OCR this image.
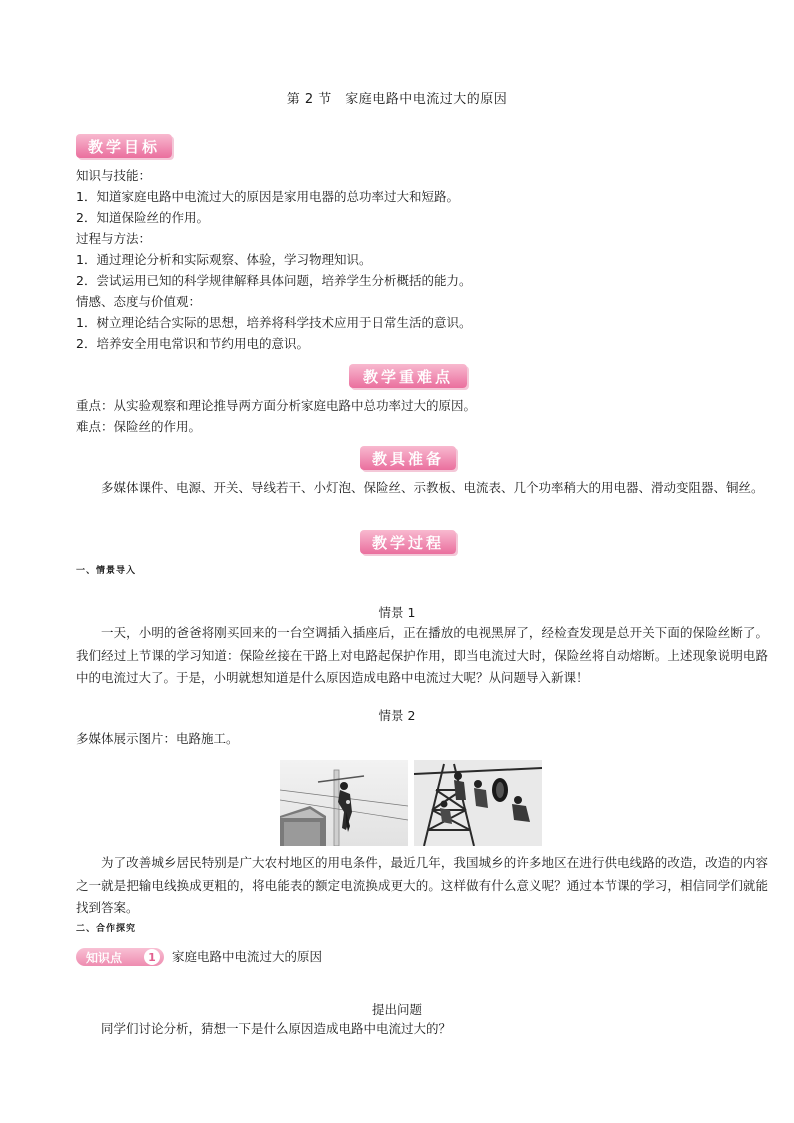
第 2 节　家庭电路中电流过大的原因
教学目标
知识与技能：
1．知道家庭电路中电流过大的原因是家用电器的总功率过大和短路。
2．知道保险丝的作用。
过程与方法：
1．通过理论分析和实际观察、体验，学习物理知识。
2．尝试运用已知的科学规律解释具体问题，培养学生分析概括的能力。
情感、态度与价值观：
1．树立理论结合实际的思想，培养将科学技术应用于日常生活的意识。
2．培养安全用电常识和节约用电的意识。
教学重难点
重点：从实验观察和理论推导两方面分析家庭电路中总功率过大的原因。
难点：保险丝的作用。
教具准备
多媒体课件、电源、开关、导线若干、小灯泡、保险丝、示教板、电流表、几个功率稍大的用电器、滑动变阻器、铜丝。
教学过程
一、情景导入
情景 1
一天，小明的爸爸将刚买回来的一台空调插入插座后，正在播放的电视黑屏了，经检查发现是总开关下面的保险丝断了。我们经过上节课的学习知道：保险丝接在干路上对电路起保护作用，即当电流过大时，保险丝将自动熔断。上述现象说明电路中的电流过大了。于是，小明就想知道是什么原因造成电路中电流过大呢？从问题导入新课！
情景 2
多媒体展示图片：电路施工。
为了改善城乡居民特别是广大农村地区的用电条件，最近几年，我国城乡的许多地区在进行供电线路的改造，改造的内容之一就是把输电线换成更粗的，将电能表的额定电流换成更大的。这样做有什么意义呢？通过本节课的学习，相信同学们就能找到答案。
二、合作探究
知识点	1	家庭电路中电流过大的原因
提出问题
同学们讨论分析，猜想一下是什么原因造成电路中电流过大的？
